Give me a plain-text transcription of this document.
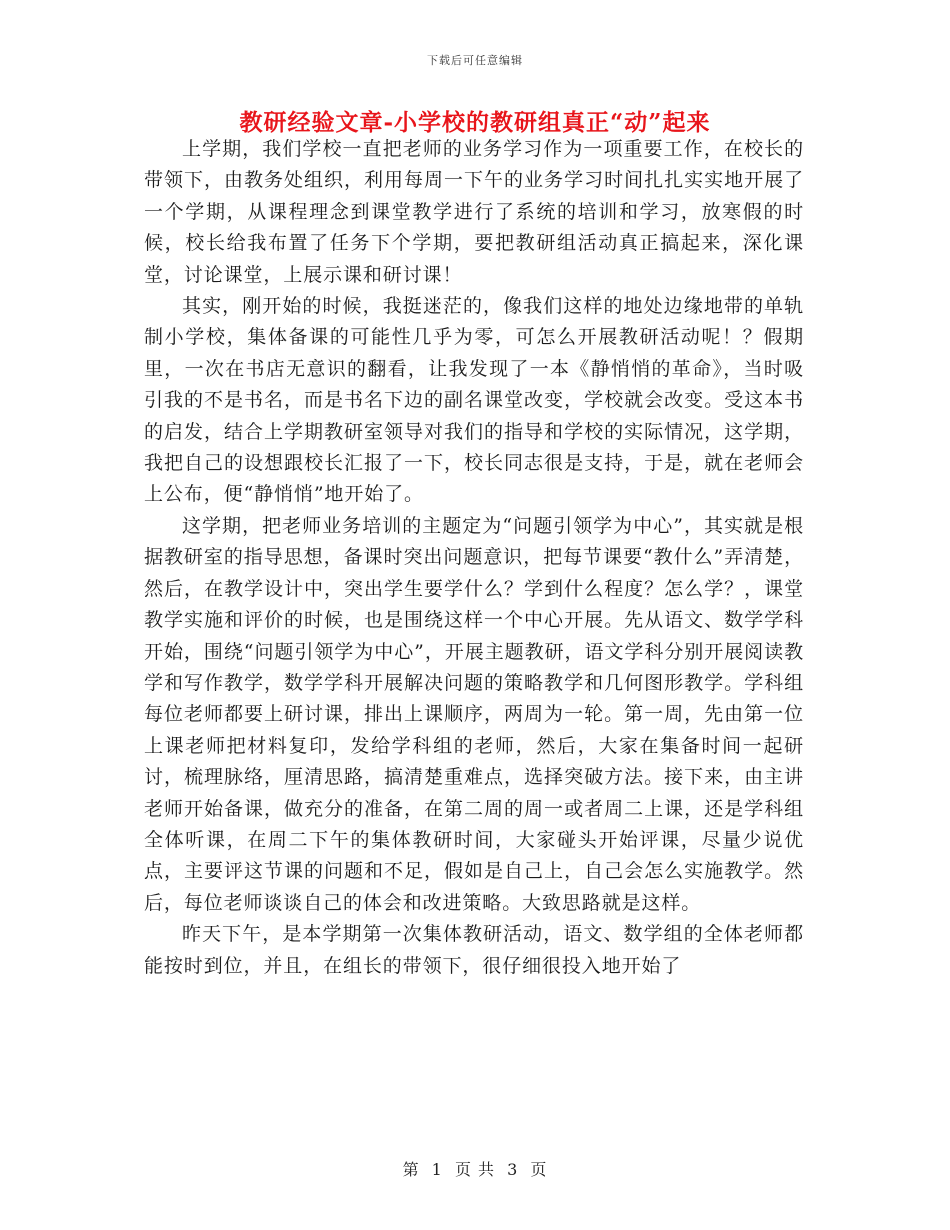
下载后可任意编辑
教研经验文章-小学校的教研组真正“动”起来

上学期，我们学校一直把老师的业务学习作为一项重要工作，在校长的带领下，由教务处组织，利用每周一下午的业务学习时间扎扎实实地开展了一个学期，从课程理念到课堂教学进行了系统的培训和学习，放寒假的时候，校长给我布置了任务下个学期，要把教研组活动真正搞起来，深化课堂，讨论课堂，上展示课和研讨课！

其实，刚开始的时候，我挺迷茫的，像我们这样的地处边缘地带的单轨制小学校，集体备课的可能性几乎为零，可怎么开展教研活动呢！？假期里，一次在书店无意识的翻看，让我发现了一本《静悄悄的革命》，当时吸引我的不是书名，而是书名下边的副名课堂改变，学校就会改变。受这本书的启发，结合上学期教研室领导对我们的指导和学校的实际情况，这学期，我把自己的设想跟校长汇报了一下，校长同志很是支持，于是，就在老师会上公布，便“静悄悄”地开始了。

这学期，把老师业务培训的主题定为“问题引领学为中心”，其实就是根据教研室的指导思想，备课时突出问题意识，把每节课要“教什么”弄清楚，然后，在教学设计中，突出学生要学什么？学到什么程度？怎么学？，课堂教学实施和评价的时候，也是围绕这样一个中心开展。先从语文、数学学科开始，围绕“问题引领学为中心”，开展主题教研，语文学科分别开展阅读教学和写作教学，数学学科开展解决问题的策略教学和几何图形教学。学科组每位老师都要上研讨课，排出上课顺序，两周为一轮。第一周，先由第一位上课老师把材料复印，发给学科组的老师，然后，大家在集备时间一起研讨，梳理脉络，厘清思路，搞清楚重难点，选择突破方法。接下来，由主讲老师开始备课，做充分的准备，在第二周的周一或者周二上课，还是学科组全体听课，在周二下午的集体教研时间，大家碰头开始评课，尽量少说优点，主要评这节课的问题和不足，假如是自己上，自己会怎么实施教学。然后，每位老师谈谈自己的体会和改进策略。大致思路就是这样。

昨天下午，是本学期第一次集体教研活动，语文、数学组的全体老师都能按时到位，并且，在组长的带领下，很仔细很投入地开始了

第 1 页 共 3 页
